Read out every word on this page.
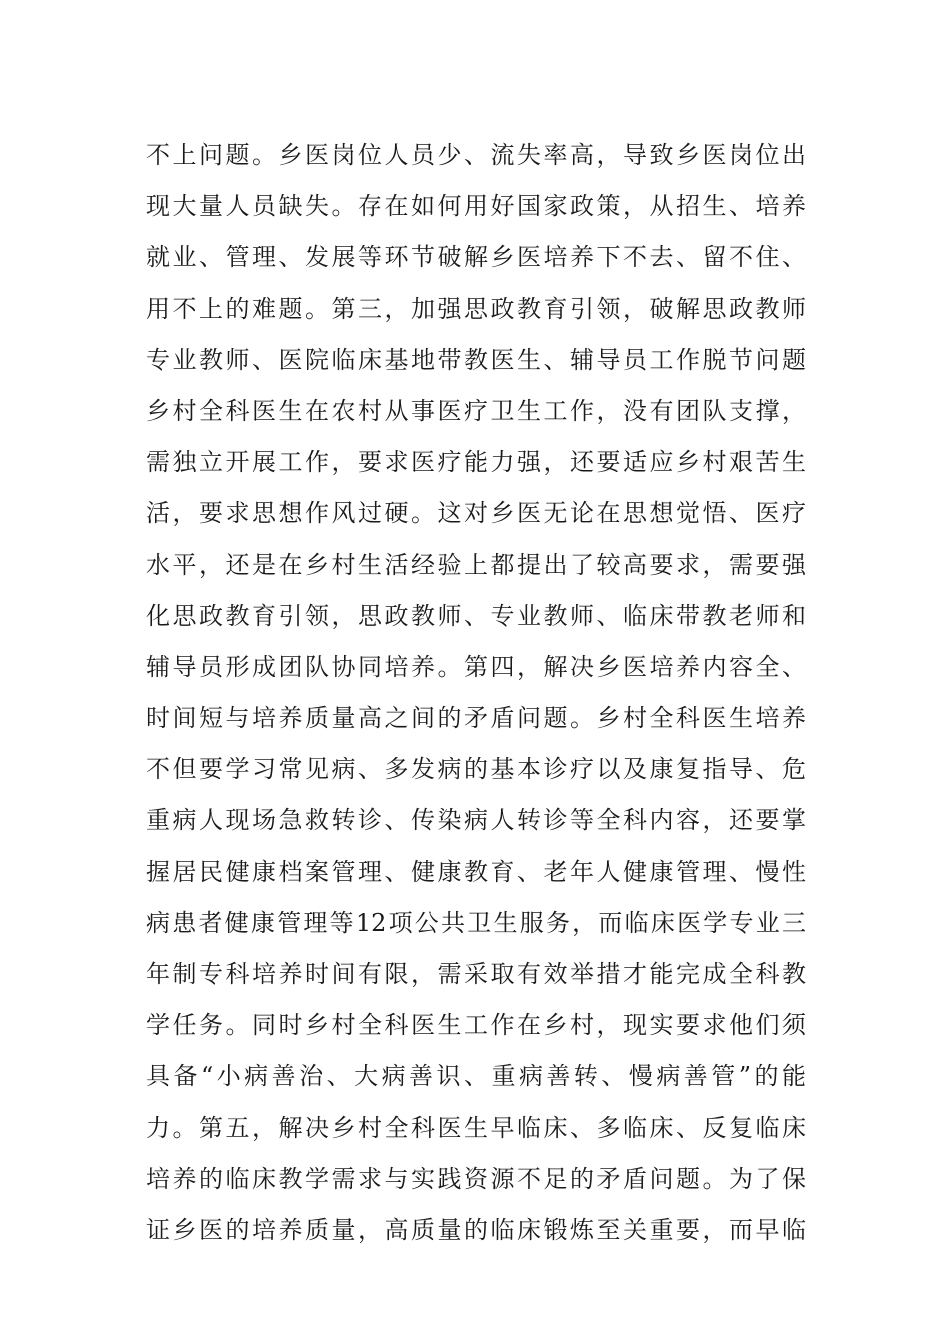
不上问题。乡医岗位人员少、流失率高，导致乡医岗位出
现大量人员缺失。存在如何用好国家政策，从招生、培养
就业、管理、发展等环节破解乡医培养下不去、留不住、
用不上的难题。第三，加强思政教育引领，破解思政教师
专业教师、医院临床基地带教医生、辅导员工作脱节问题
乡村全科医生在农村从事医疗卫生工作，没有团队支撑，
需独立开展工作，要求医疗能力强，还要适应乡村艰苦生
活，要求思想作风过硬。这对乡医无论在思想觉悟、医疗
水平，还是在乡村生活经验上都提出了较高要求，需要强
化思政教育引领，思政教师、专业教师、临床带教老师和
辅导员形成团队协同培养。第四，解决乡医培养内容全、
时间短与培养质量高之间的矛盾问题。乡村全科医生培养
不但要学习常见病、多发病的基本诊疗以及康复指导、危
重病人现场急救转诊、传染病人转诊等全科内容，还要掌
握居民健康档案管理、健康教育、老年人健康管理、慢性
病患者健康管理等12项公共卫生服务，而临床医学专业三
年制专科培养时间有限，需采取有效举措才能完成全科教
学任务。同时乡村全科医生工作在乡村，现实要求他们须
具备“小病善治、大病善识、重病善转、慢病善管”的能
力。第五，解决乡村全科医生早临床、多临床、反复临床
培养的临床教学需求与实践资源不足的矛盾问题。为了保
证乡医的培养质量，高质量的临床锻炼至关重要，而早临
